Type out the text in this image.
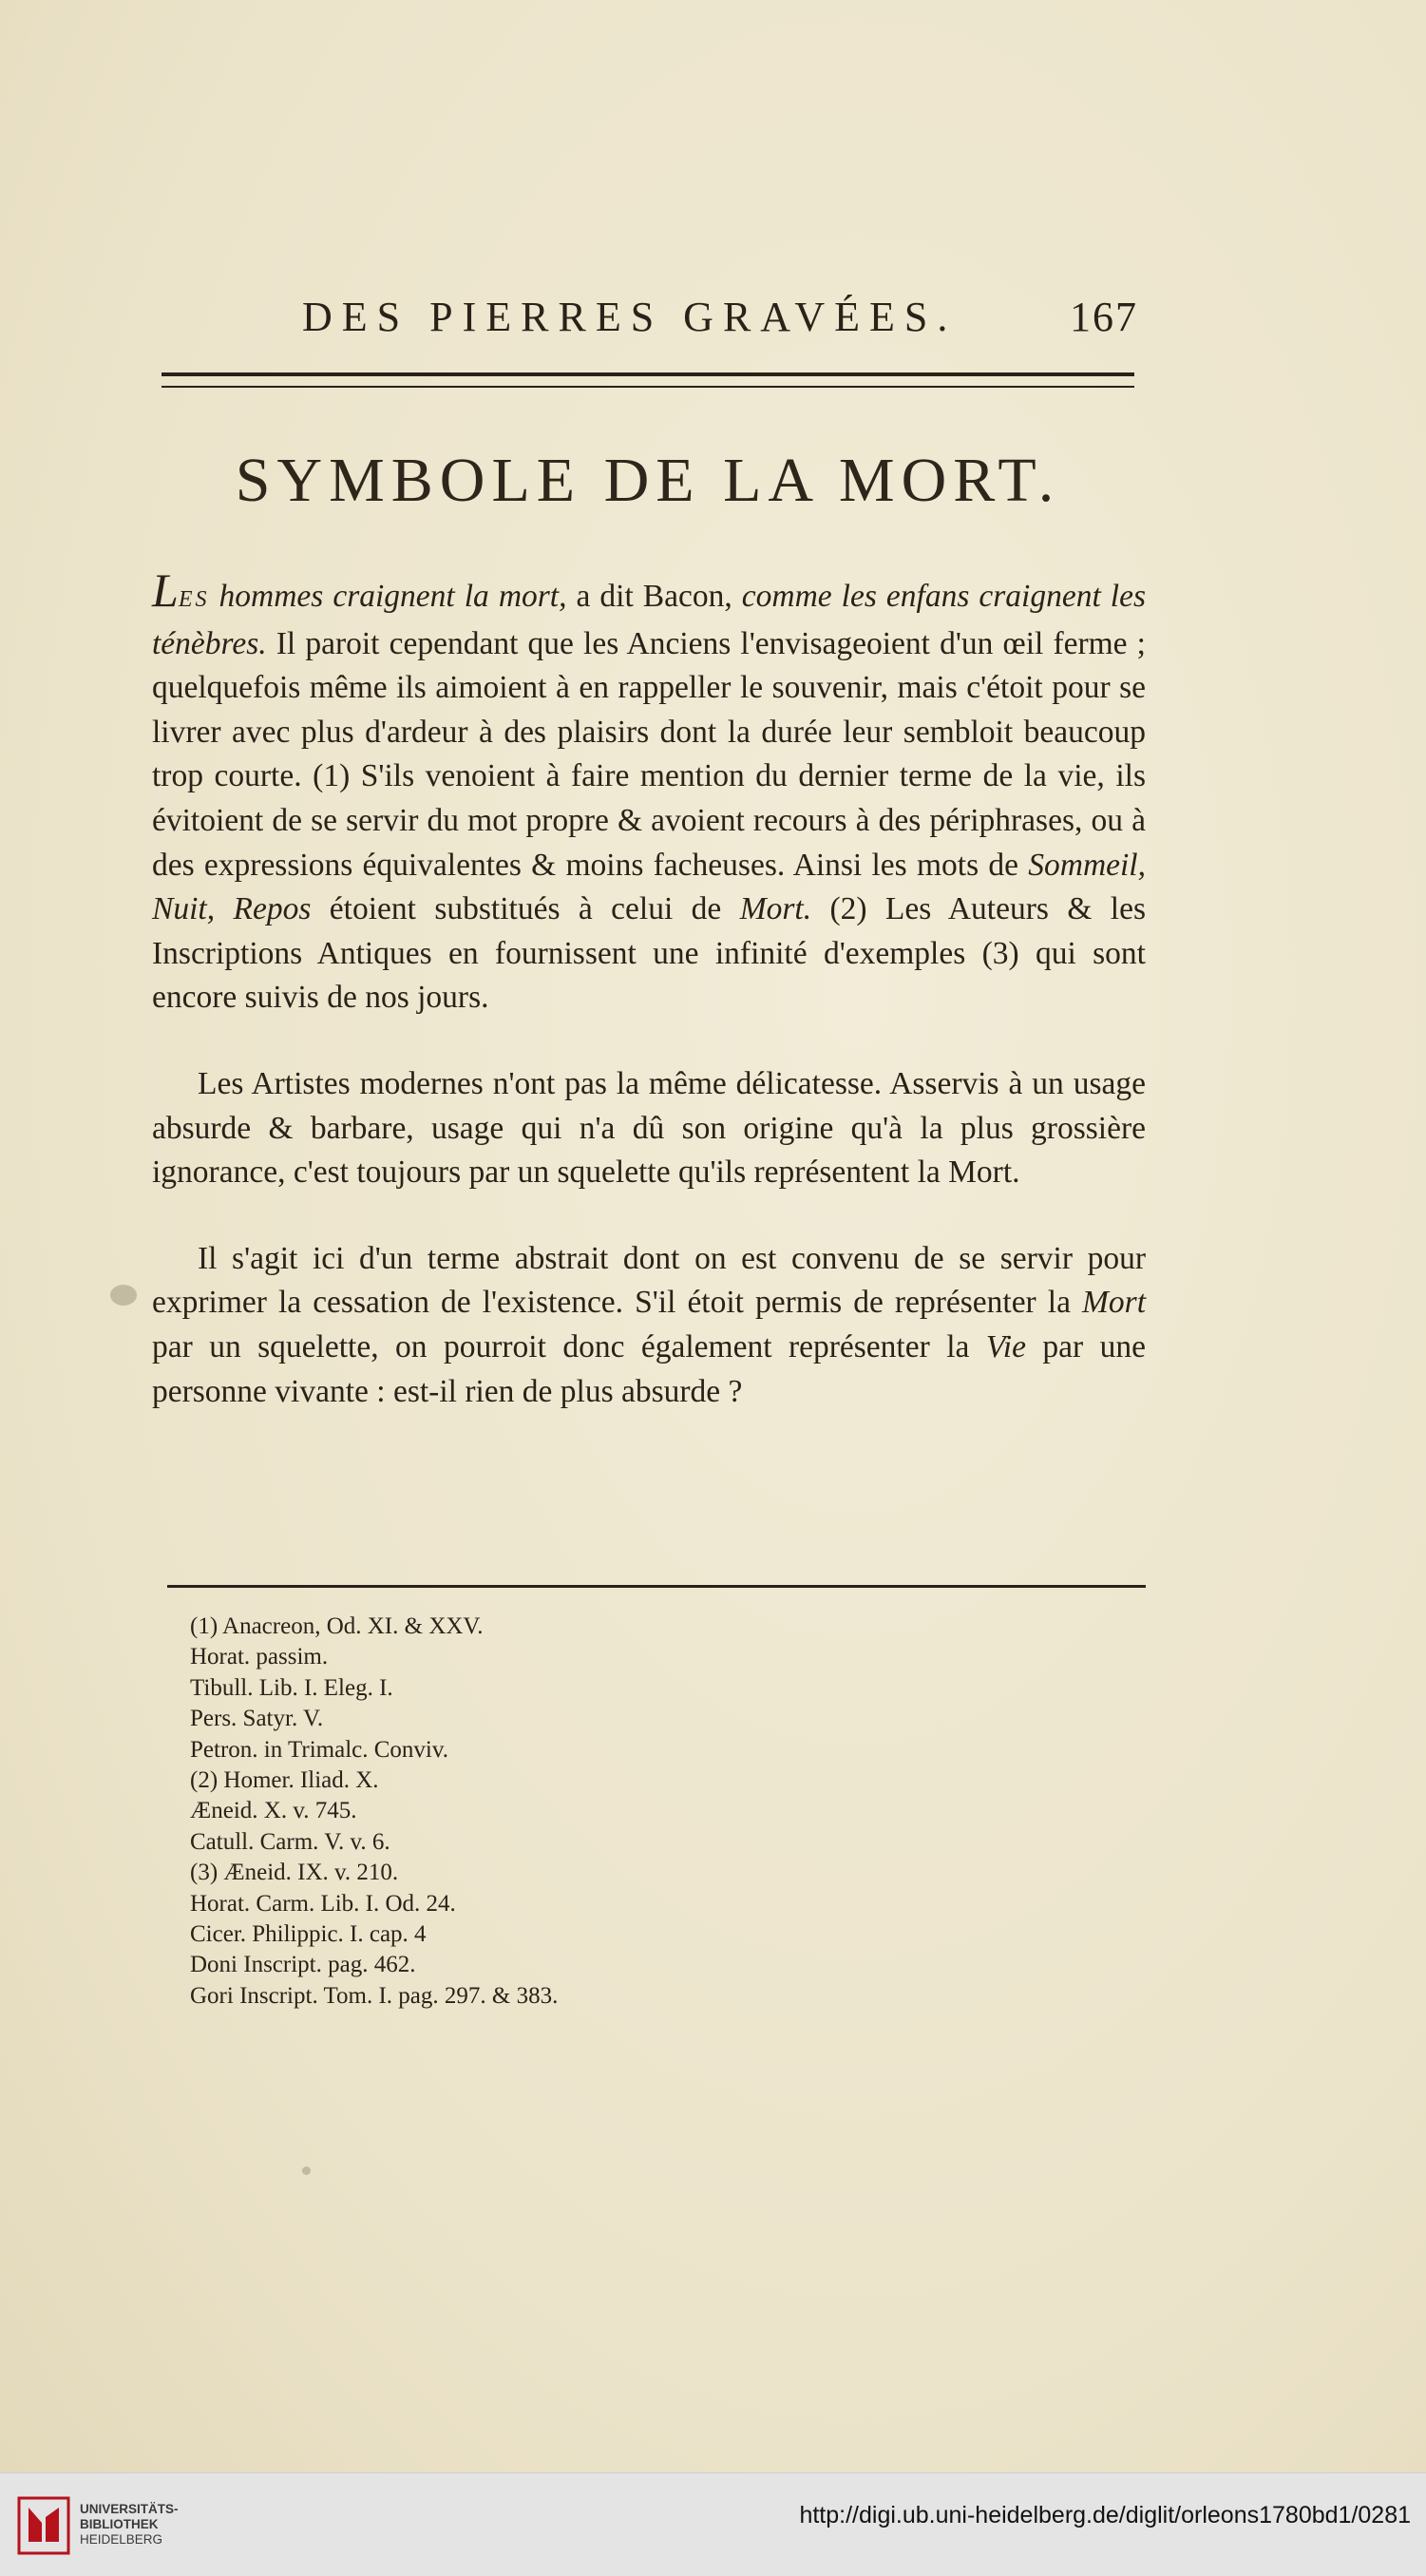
DES PIERRES GRAVÉES.	167
SYMBOLE DE LA MORT.

LES hommes craignent la mort, a dit Bacon, comme les enfans craignent les ténèbres. Il paroit cependant que les Anciens l'envisageoient d'un œil ferme ; quelquefois même ils aimoient à en rappeller le souvenir, mais c'étoit pour se livrer avec plus d'ardeur à des plaisirs dont la durée leur sembloit beaucoup trop courte. (1) S'ils venoient à faire mention du dernier terme de la vie, ils évitoient de se servir du mot propre & avoient recours à des périphrases, ou à des expressions équivalentes & moins facheuses. Ainsi les mots de Sommeil, Nuit, Repos étoient substitués à celui de Mort. (2) Les Auteurs & les Inscriptions Antiques en fournissent une infinité d'exemples (3) qui sont encore suivis de nos jours.

Les Artistes modernes n'ont pas la même délicatesse. Asservis à un usage absurde & barbare, usage qui n'a dû son origine qu'à la plus grossière ignorance, c'est toujours par un squelette qu'ils représentent la Mort.

Il s'agit ici d'un terme abstrait dont on est convenu de se servir pour exprimer la cessation de l'existence. S'il étoit permis de représenter la Mort par un squelette, on pourroit donc également représenter la Vie par une personne vivante : est-il rien de plus absurde ?

(1) Anacreon, Od. XI. & XXV.
Horat. passim.
Tibull. Lib. I. Eleg. I.
Pers. Satyr. V.
Petron. in Trimalc. Conviv.
(2) Homer. Iliad. X.
Æneid. X. v. 745.
Catull. Carm. V. v. 6.
(3) Æneid. IX. v. 210.
Horat. Carm. Lib. I. Od. 24.
Cicer. Philippic. I. cap. 4
Doni Inscript. pag. 462.
Gori Inscript. Tom. I. pag. 297. & 383.
UNIVERSITÄTS-
BIBLIOTHEK
HEIDELBERG
http://digi.ub.uni-heidelberg.de/diglit/orleons1780bd1/0281
